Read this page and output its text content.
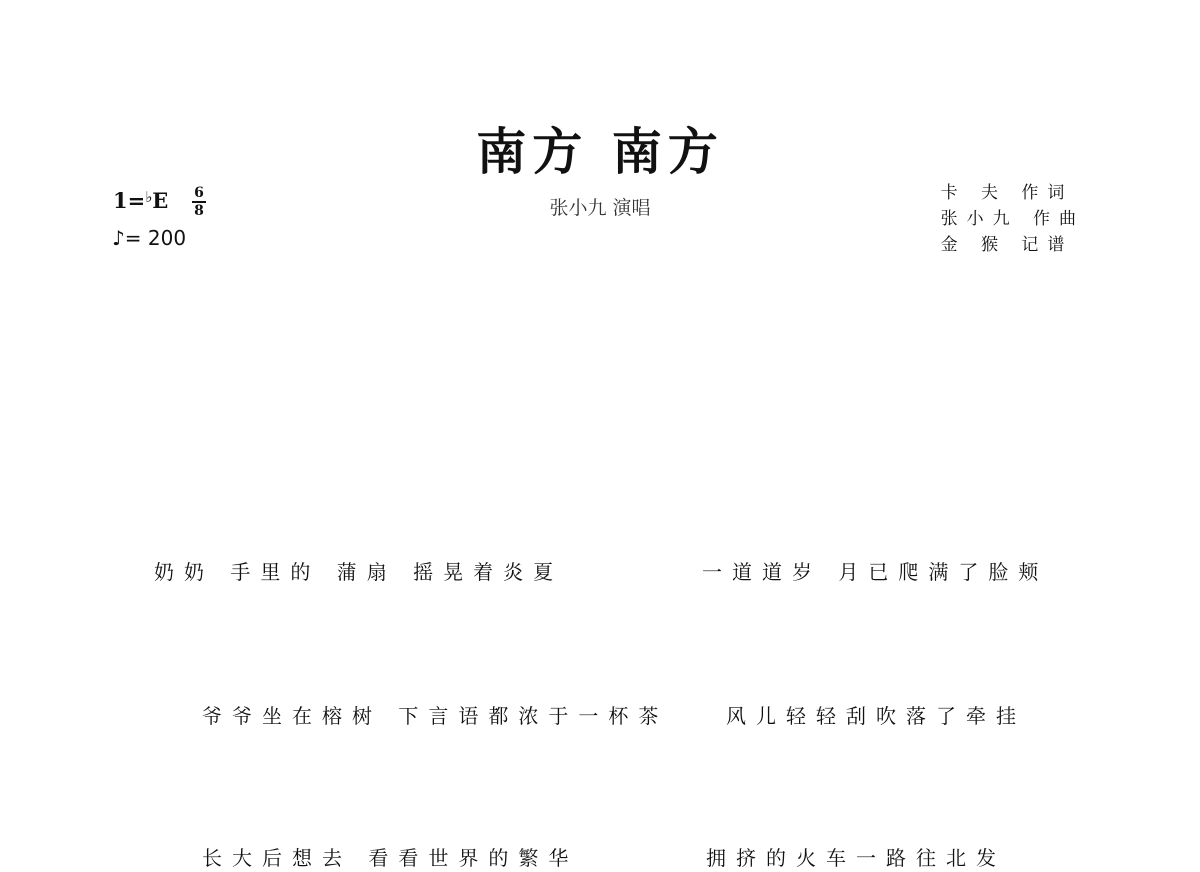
南方 南方
张小九 演唱
1=♭E 6
8
♪= 200
卡 夫 作词
张小九 作曲
金 猴 记谱
奶奶 手里的 蒲扇 摇晃着炎夏	一道道岁 月已爬满了脸颊
爷爷坐在榕树 下言语都浓于一杯茶	风儿轻轻刮吹落了牵挂
长大后想去 看看世界的繁华	拥挤的火车一路往北发
